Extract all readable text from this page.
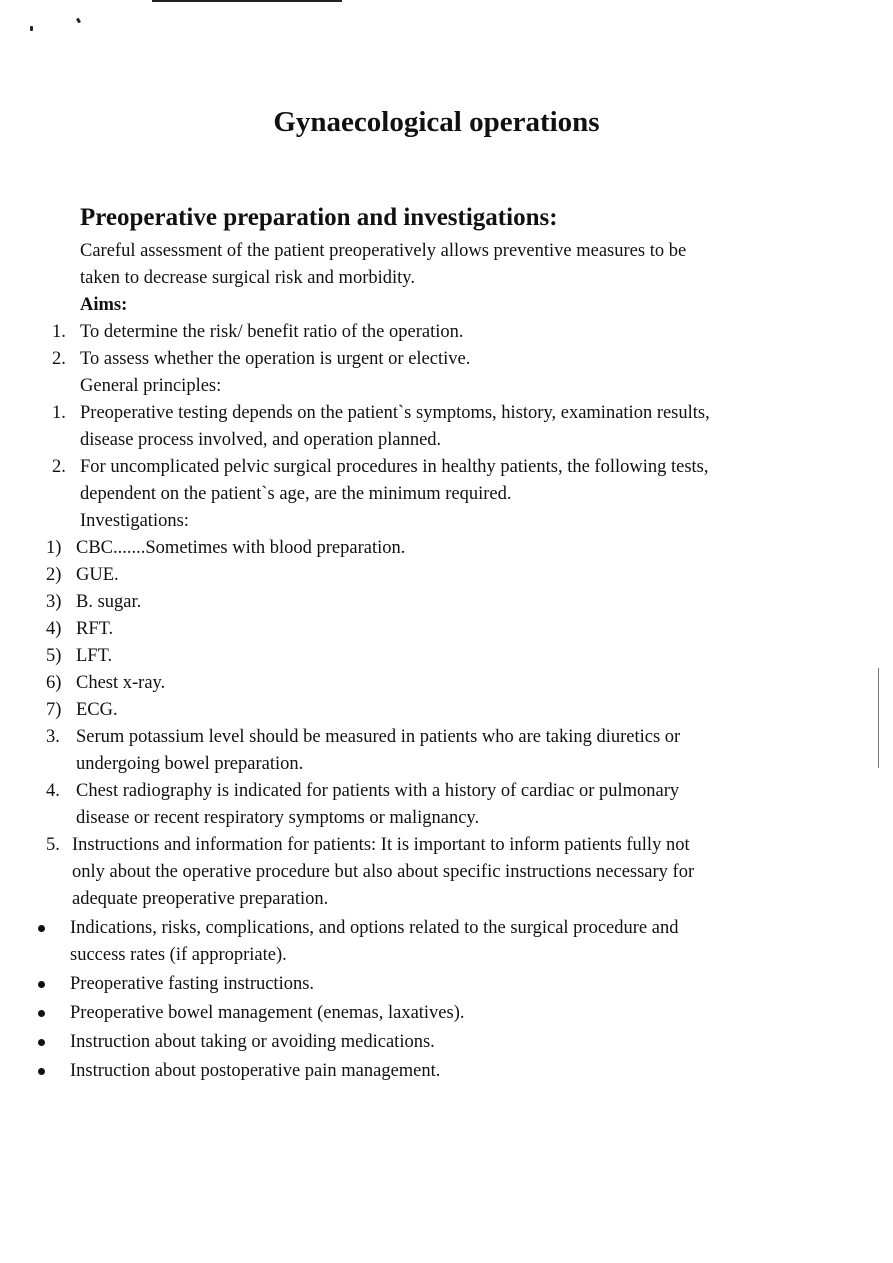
Gynaecological operations
Preoperative preparation and investigations:
Careful assessment of the patient preoperatively allows preventive measures to be
taken to decrease surgical risk and morbidity.
Aims:
1. To determine the risk/ benefit ratio of the operation.
2. To assess whether the operation is urgent or elective.
General principles:
1. Preoperative testing depends on the patient`s symptoms, history, examination results,
disease process involved, and operation planned.
2. For uncomplicated pelvic surgical procedures in healthy patients, the following tests,
dependent on the patient`s age, are the minimum required.
Investigations:
1) CBC.......Sometimes with blood preparation.
2) GUE.
3) B. sugar.
4) RFT.
5) LFT.
6) Chest x-ray.
7) ECG.
3. Serum potassium level should be measured in patients who are taking diuretics or
undergoing bowel preparation.
4. Chest radiography is indicated for patients with a history of cardiac or pulmonary
disease or recent respiratory symptoms or malignancy.
5. Instructions and information for patients: It is important to inform patients fully not
only about the operative procedure but also about specific instructions necessary for
adequate preoperative preparation.
Indications, risks, complications, and options related to the surgical procedure and
success rates (if appropriate).
Preoperative fasting instructions.
Preoperative bowel management (enemas, laxatives).
Instruction about taking or avoiding medications.
Instruction about postoperative pain management.
